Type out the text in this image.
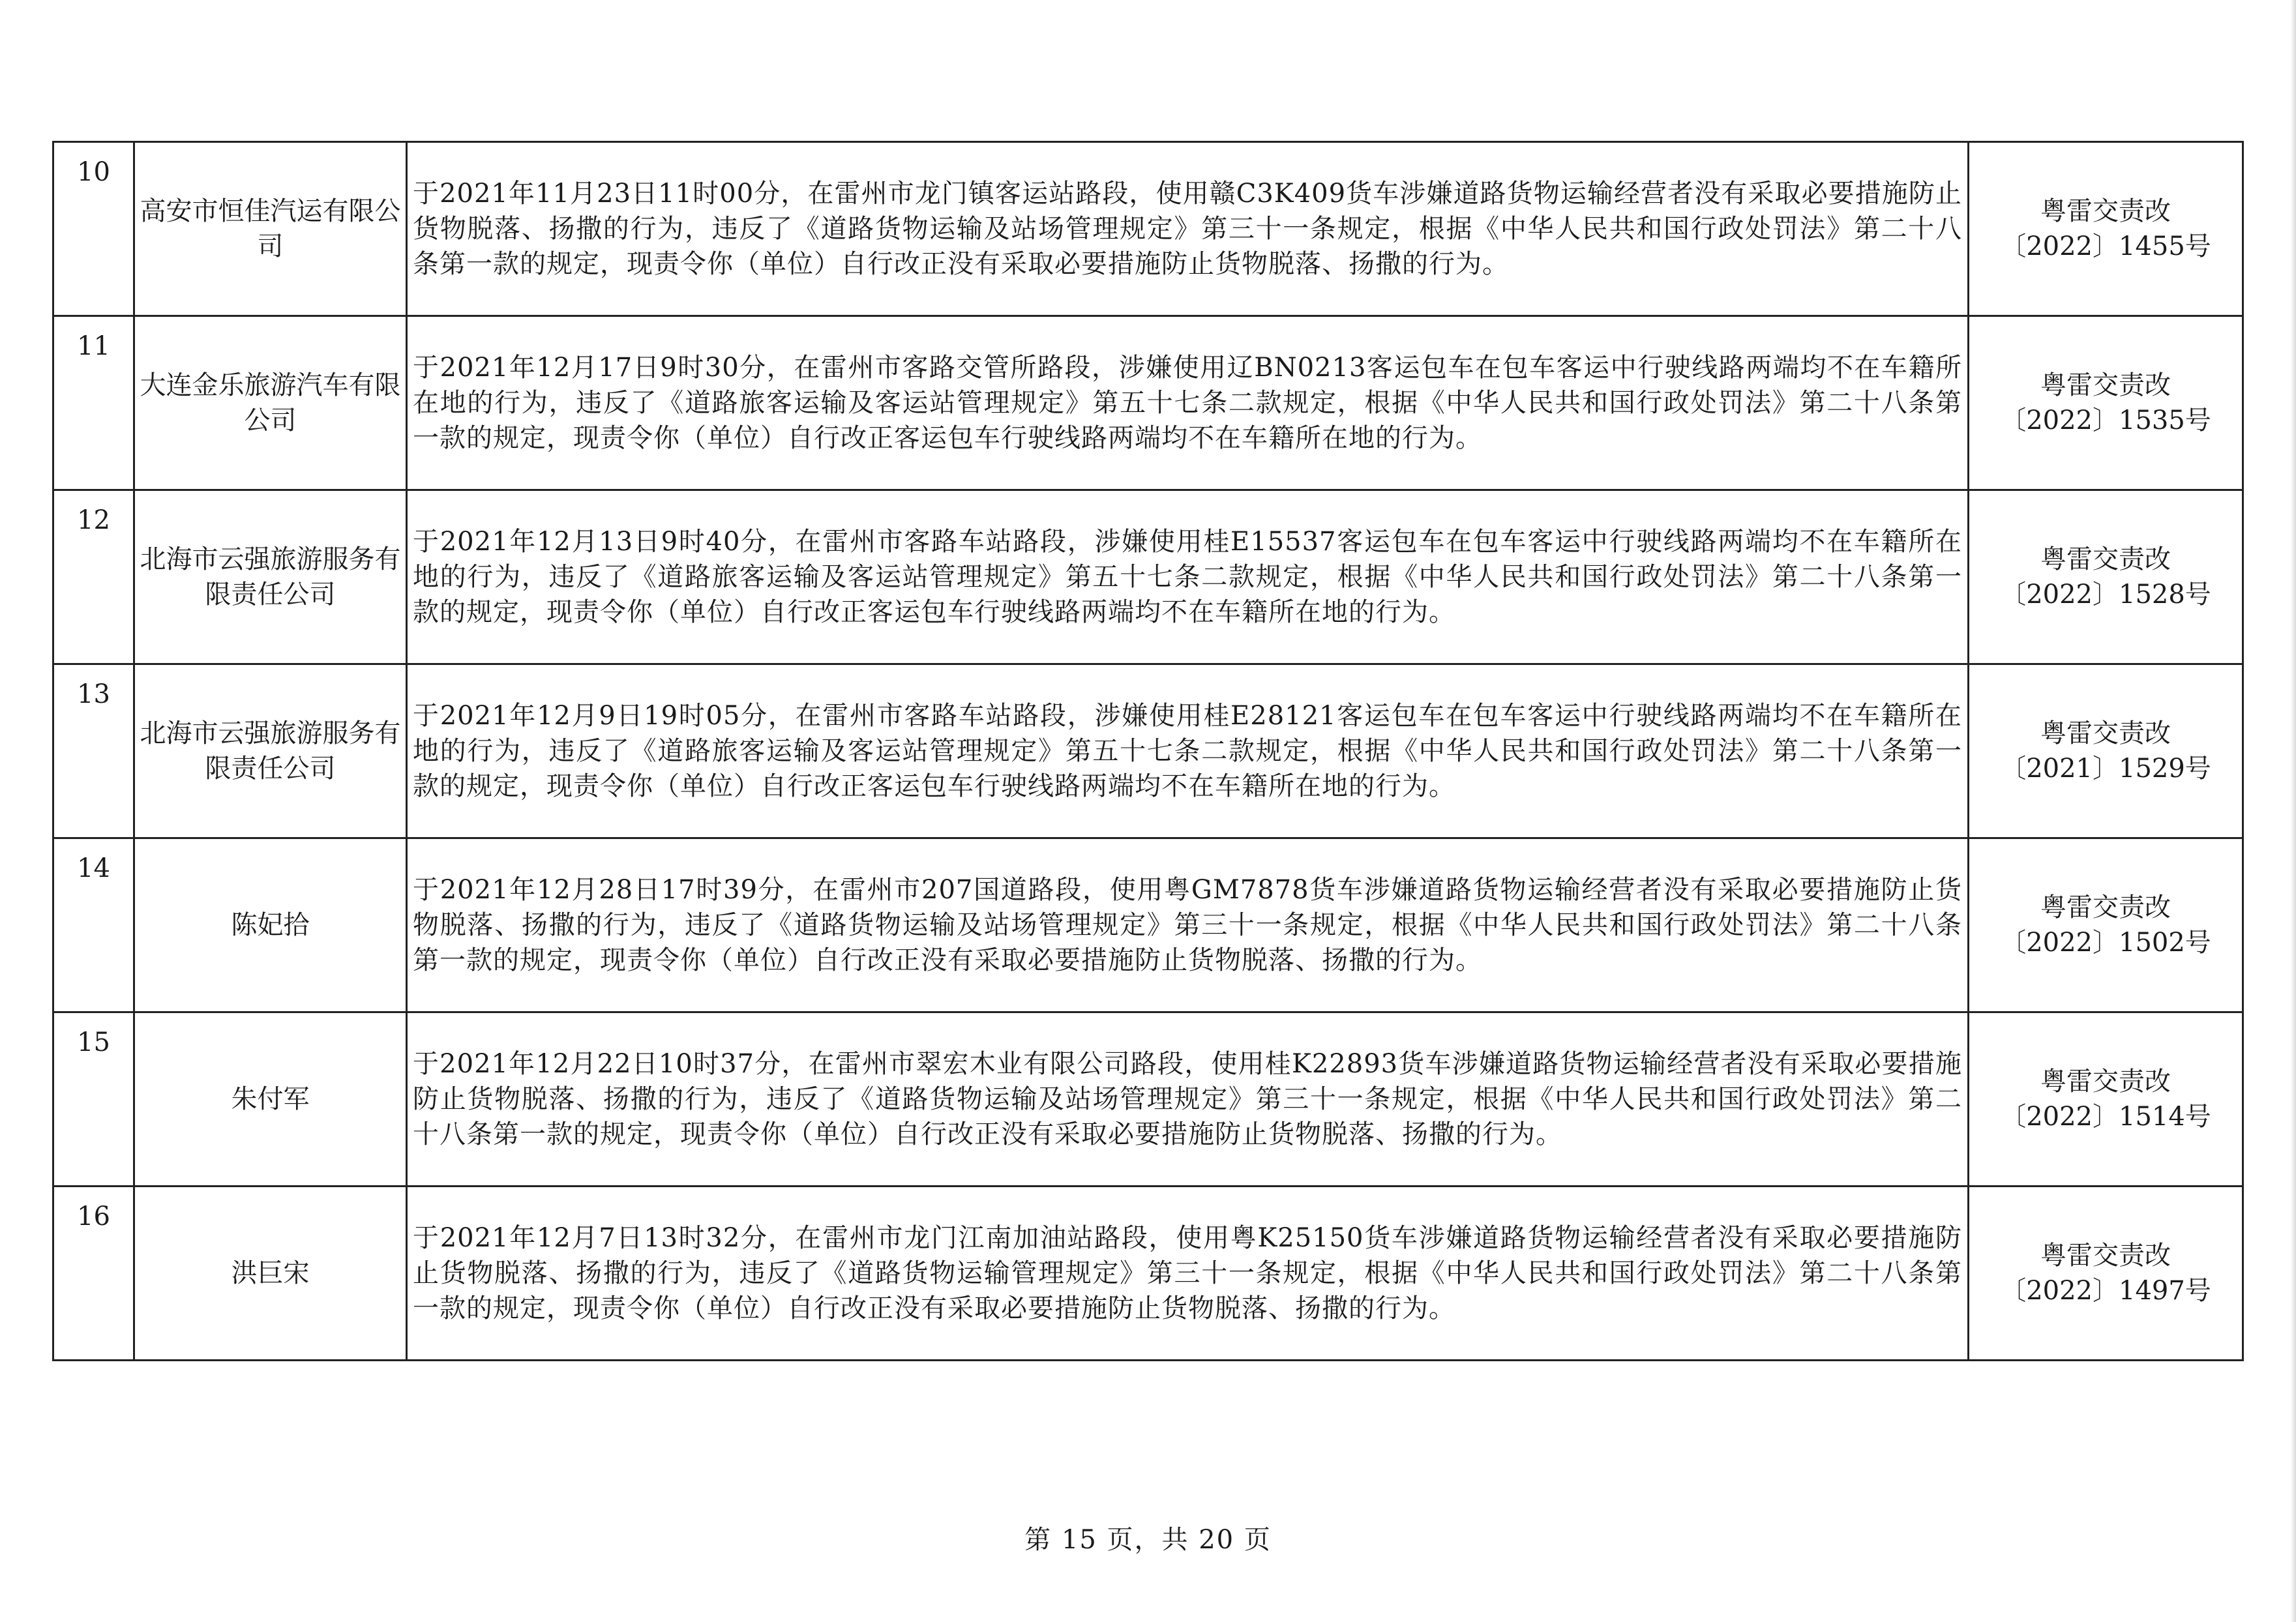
10	高安市恒佳汽运有限公司	于2021年11月23日11时00分，在雷州市龙门镇客运站路段，使用赣C3K409货车涉嫌道路货物运输经营者没有采取必要措施防止货物脱落、扬撒的行为，违反了《道路货物运输及站场管理规定》第三十一条规定，根据《中华人民共和国行政处罚法》第二十八条第一款的规定，现责令你（单位）自行改正没有采取必要措施防止货物脱落、扬撒的行为。	粤雷交责改
〔2022〕1455号

11	大连金乐旅游汽车有限公司	于2021年12月17日9时30分，在雷州市客路交管所路段，涉嫌使用辽BN0213客运包车在包车客运中行驶线路两端均不在车籍所在地的行为，违反了《道路旅客运输及客运站管理规定》第五十七条二款规定，根据《中华人民共和国行政处罚法》第二十八条第一款的规定，现责令你（单位）自行改正客运包车行驶线路两端均不在车籍所在地的行为。	粤雷交责改
〔2022〕1535号

12	北海市云强旅游服务有限责任公司	于2021年12月13日9时40分，在雷州市客路车站路段，涉嫌使用桂E15537客运包车在包车客运中行驶线路两端均不在车籍所在地的行为，违反了《道路旅客运输及客运站管理规定》第五十七条二款规定，根据《中华人民共和国行政处罚法》第二十八条第一款的规定，现责令你（单位）自行改正客运包车行驶线路两端均不在车籍所在地的行为。	粤雷交责改
〔2022〕1528号

13	北海市云强旅游服务有限责任公司	于2021年12月9日19时05分，在雷州市客路车站路段，涉嫌使用桂E28121客运包车在包车客运中行驶线路两端均不在车籍所在地的行为，违反了《道路旅客运输及客运站管理规定》第五十七条二款规定，根据《中华人民共和国行政处罚法》第二十八条第一款的规定，现责令你（单位）自行改正客运包车行驶线路两端均不在车籍所在地的行为。	粤雷交责改
〔2021〕1529号

14	陈妃拾	于2021年12月28日17时39分，在雷州市207国道路段，使用粤GM7878货车涉嫌道路货物运输经营者没有采取必要措施防止货物脱落、扬撒的行为，违反了《道路货物运输及站场管理规定》第三十一条规定，根据《中华人民共和国行政处罚法》第二十八条第一款的规定，现责令你（单位）自行改正没有采取必要措施防止货物脱落、扬撒的行为。	粤雷交责改
〔2022〕1502号

15	朱付军	于2021年12月22日10时37分，在雷州市翠宏木业有限公司路段，使用桂K22893货车涉嫌道路货物运输经营者没有采取必要措施防止货物脱落、扬撒的行为，违反了《道路货物运输及站场管理规定》第三十一条规定，根据《中华人民共和国行政处罚法》第二十八条第一款的规定，现责令你（单位）自行改正没有采取必要措施防止货物脱落、扬撒的行为。	粤雷交责改
〔2022〕1514号

16	洪巨宋	于2021年12月7日13时32分，在雷州市龙门江南加油站路段，使用粤K25150货车涉嫌道路货物运输经营者没有采取必要措施防止货物脱落、扬撒的行为，违反了《道路货物运输管理规定》第三十一条规定，根据《中华人民共和国行政处罚法》第二十八条第一款的规定，现责令你（单位）自行改正没有采取必要措施防止货物脱落、扬撒的行为。	粤雷交责改
〔2022〕1497号
第 15 页，共 20 页
